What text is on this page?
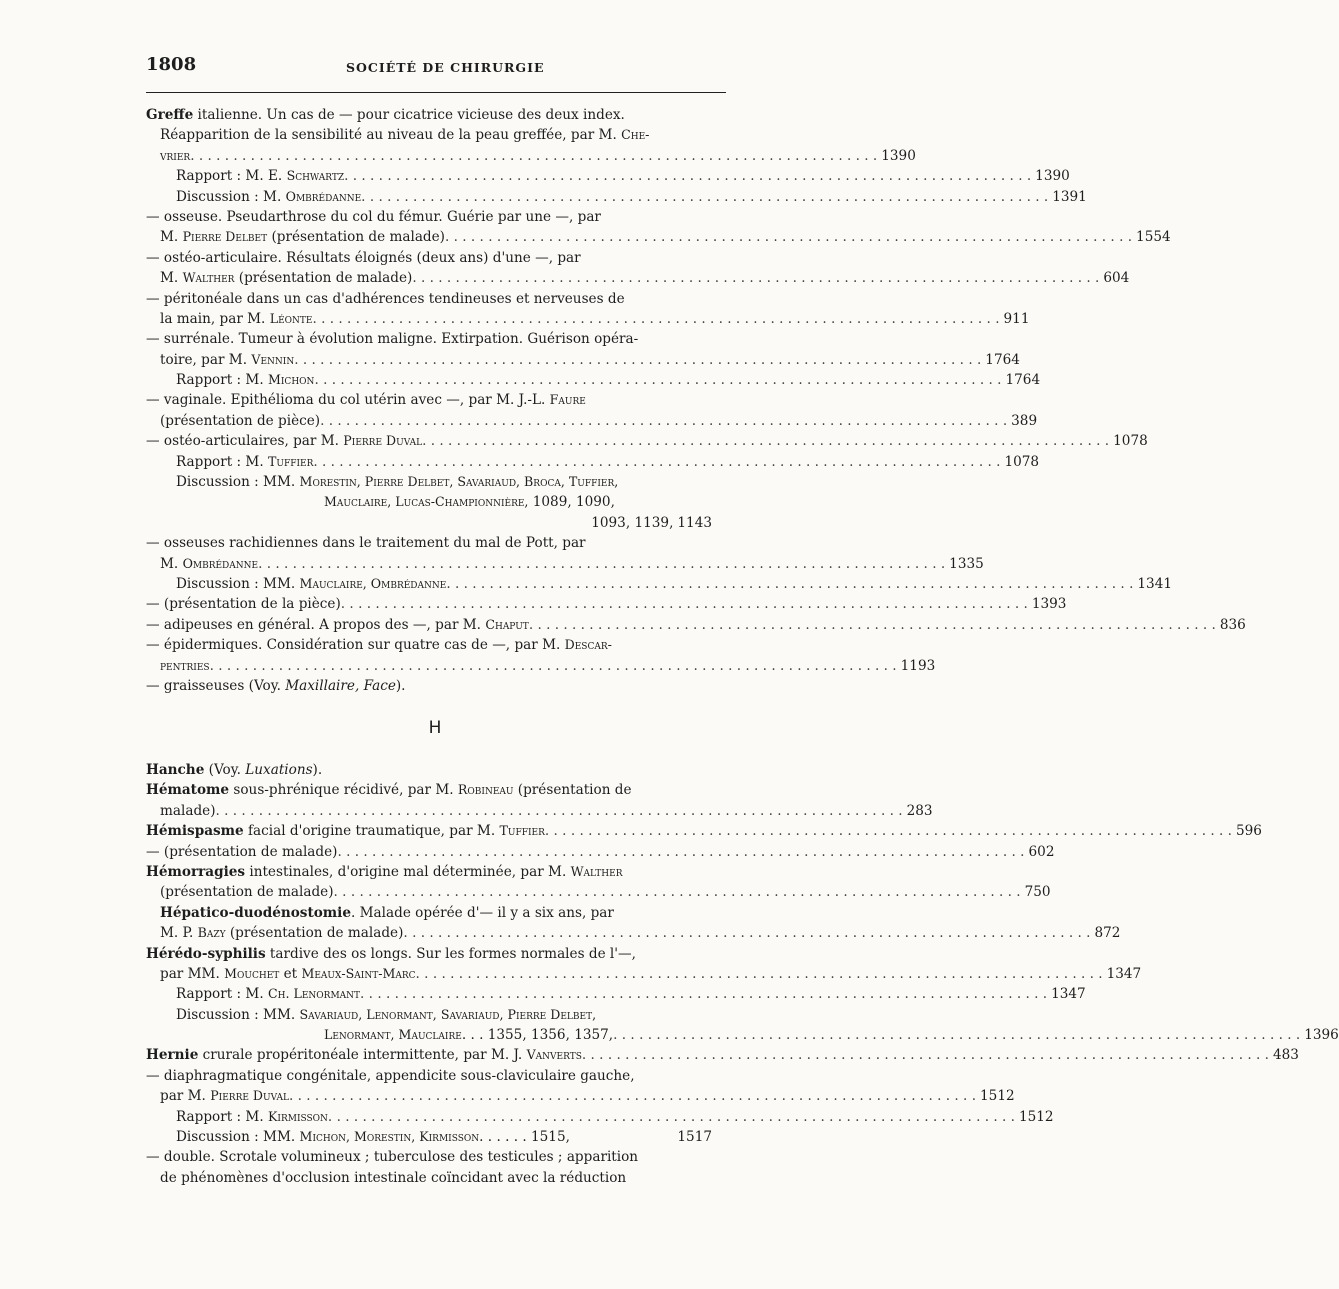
1808	SOCIÉTÉ DE CHIRURGIE
Greffe italienne. Un cas de — pour cicatrice vicieuse des deux index.
Réapparition de la sensibilité au niveau de la peau greffée, par M. Che-
vrier . . .	1390
Rapport : M. E. Schwartz . . .	1390
Discussion : M. Ombrédanne . . .	1391
— osseuse. Pseudarthrose du col du fémur. Guérie par une —, par
M. Pierre Delbet (présentation de malade) . . .	1554
— ostéo-articulaire. Résultats éloignés (deux ans) d'une —, par
M. Walther (présentation de malade) . . .	604
— péritonéale dans un cas d'adhérences tendineuses et nerveuses de
la main, par M. Léonte . . .	911
— surrénale. Tumeur à évolution maligne. Extirpation. Guérison opéra-
toire, par M. Vennin . . .	1764
Rapport : M. Michon . . .	1764
— vaginale. Epithélioma du col utérin avec —, par M. J.-L. Faure
(présentation de pièce) . . .	389
— ostéo-articulaires, par M. Pierre Duval . . .	1078
Rapport : M. Tuffier . . .	1078
Discussion : MM. Morestin, Pierre Delbet, Savariaud, Broca, Tuffier,
Mauclaire, Lucas-Championnière, 1089, 1090,
1093, 1139, 1143
— osseuses rachidiennes dans le traitement du mal de Pott, par
M. Ombrédanne . . .	1335
Discussion : MM. Mauclaire, Ombrédanne . . .	1341
— (présentation de la pièce) . . .	1393
— adipeuses en général. A propos des —, par M. Chaput . . .	836
— épidermiques. Considération sur quatre cas de —, par M. Descar-
pentries . . .	1193
— graisseuses (Voy. Maxillaire, Face).
H
Hanche (Voy. Luxations).
Hématome sous-phrénique récidivé, par M. Robineau (présentation de
malade) . . .	283
Hémispasme facial d'origine traumatique, par M. Tuffier . . .	596
— (présentation de malade) . . .	602
Hémorragies intestinales, d'origine mal déterminée, par M. Walther
(présentation de malade) . . .	750
Hépatico-duodénostomie. Malade opérée d'— il y a six ans, par
M. P. Bazy (présentation de malade) . . .	872
Hérédo-syphilis tardive des os longs. Sur les formes normales de l'—,
par MM. Mouchet et Meaux-Saint-Marc . . .	1347
Rapport : M. Ch. Lenormant . . .	1347
Discussion : MM. Savariaud, Lenormant, Savariaud, Pierre Delbet,
Lenormant, Mauclaire. . . 1355, 1356, 1357, . . .	1396
Hernie crurale propéritonéale intermittente, par M. J. Vanverts . . .	483
— diaphragmatique congénitale, appendicite sous-claviculaire gauche,
par M. Pierre Duval . . .	1512
Rapport : M. Kirmisson . . .	1512
Discussion : MM. Michon, Morestin, Kirmisson. . . . . . 1515,	1517
— double. Scrotale volumineux ; tuberculose des testicules ; apparition
de phénomènes d'occlusion intestinale coïncidant avec la réduction
